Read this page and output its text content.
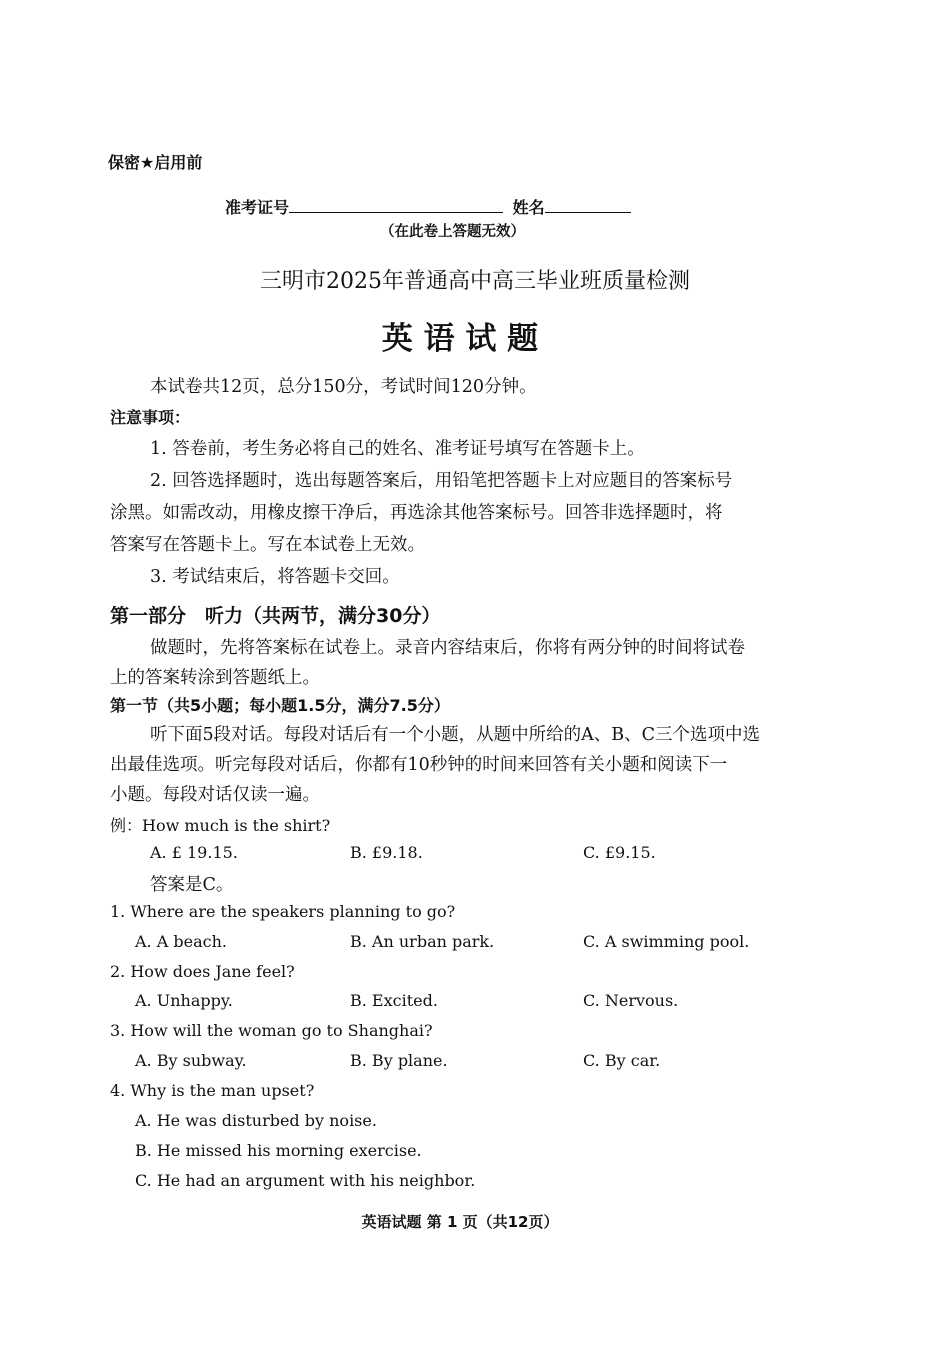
保密★启用前
准考证号	姓名
（在此卷上答题无效）
三明市2025年普通高中高三毕业班质量检测
英 语 试 题
本试卷共12页，总分150分，考试时间120分钟。
注意事项：
1. 答卷前，考生务必将自己的姓名、准考证号填写在答题卡上。
2. 回答选择题时，选出每题答案后，用铅笔把答题卡上对应题目的答案标号
涂黑。如需改动，用橡皮擦干净后，再选涂其他答案标号。回答非选择题时，将
答案写在答题卡上。写在本试卷上无效。
3. 考试结束后，将答题卡交回。
第一部分　听力（共两节，满分30分）
做题时，先将答案标在试卷上。录音内容结束后，你将有两分钟的时间将试卷
上的答案转涂到答题纸上。
第一节（共5小题；每小题1.5分，满分7.5分）
听下面5段对话。每段对话后有一个小题，从题中所给的A、B、C三个选项中选
出最佳选项。听完每段对话后，你都有10秒钟的时间来回答有关小题和阅读下一
小题。每段对话仅读一遍。
例：How much is the shirt?
A. £ 19.15.	B. £9.18.	C. £9.15.
答案是C。
1. Where are the speakers planning to go?
A. A beach.	B. An urban park.	C. A swimming pool.
2. How does Jane feel?
A. Unhappy.	B. Excited.	C. Nervous.
3. How will the woman go to Shanghai?
A. By subway.	B. By plane.	C. By car.
4. Why is the man upset?
A. He was disturbed by noise.
B. He missed his morning exercise.
C. He had an argument with his neighbor.
英语试题 第 1 页（共12页）
